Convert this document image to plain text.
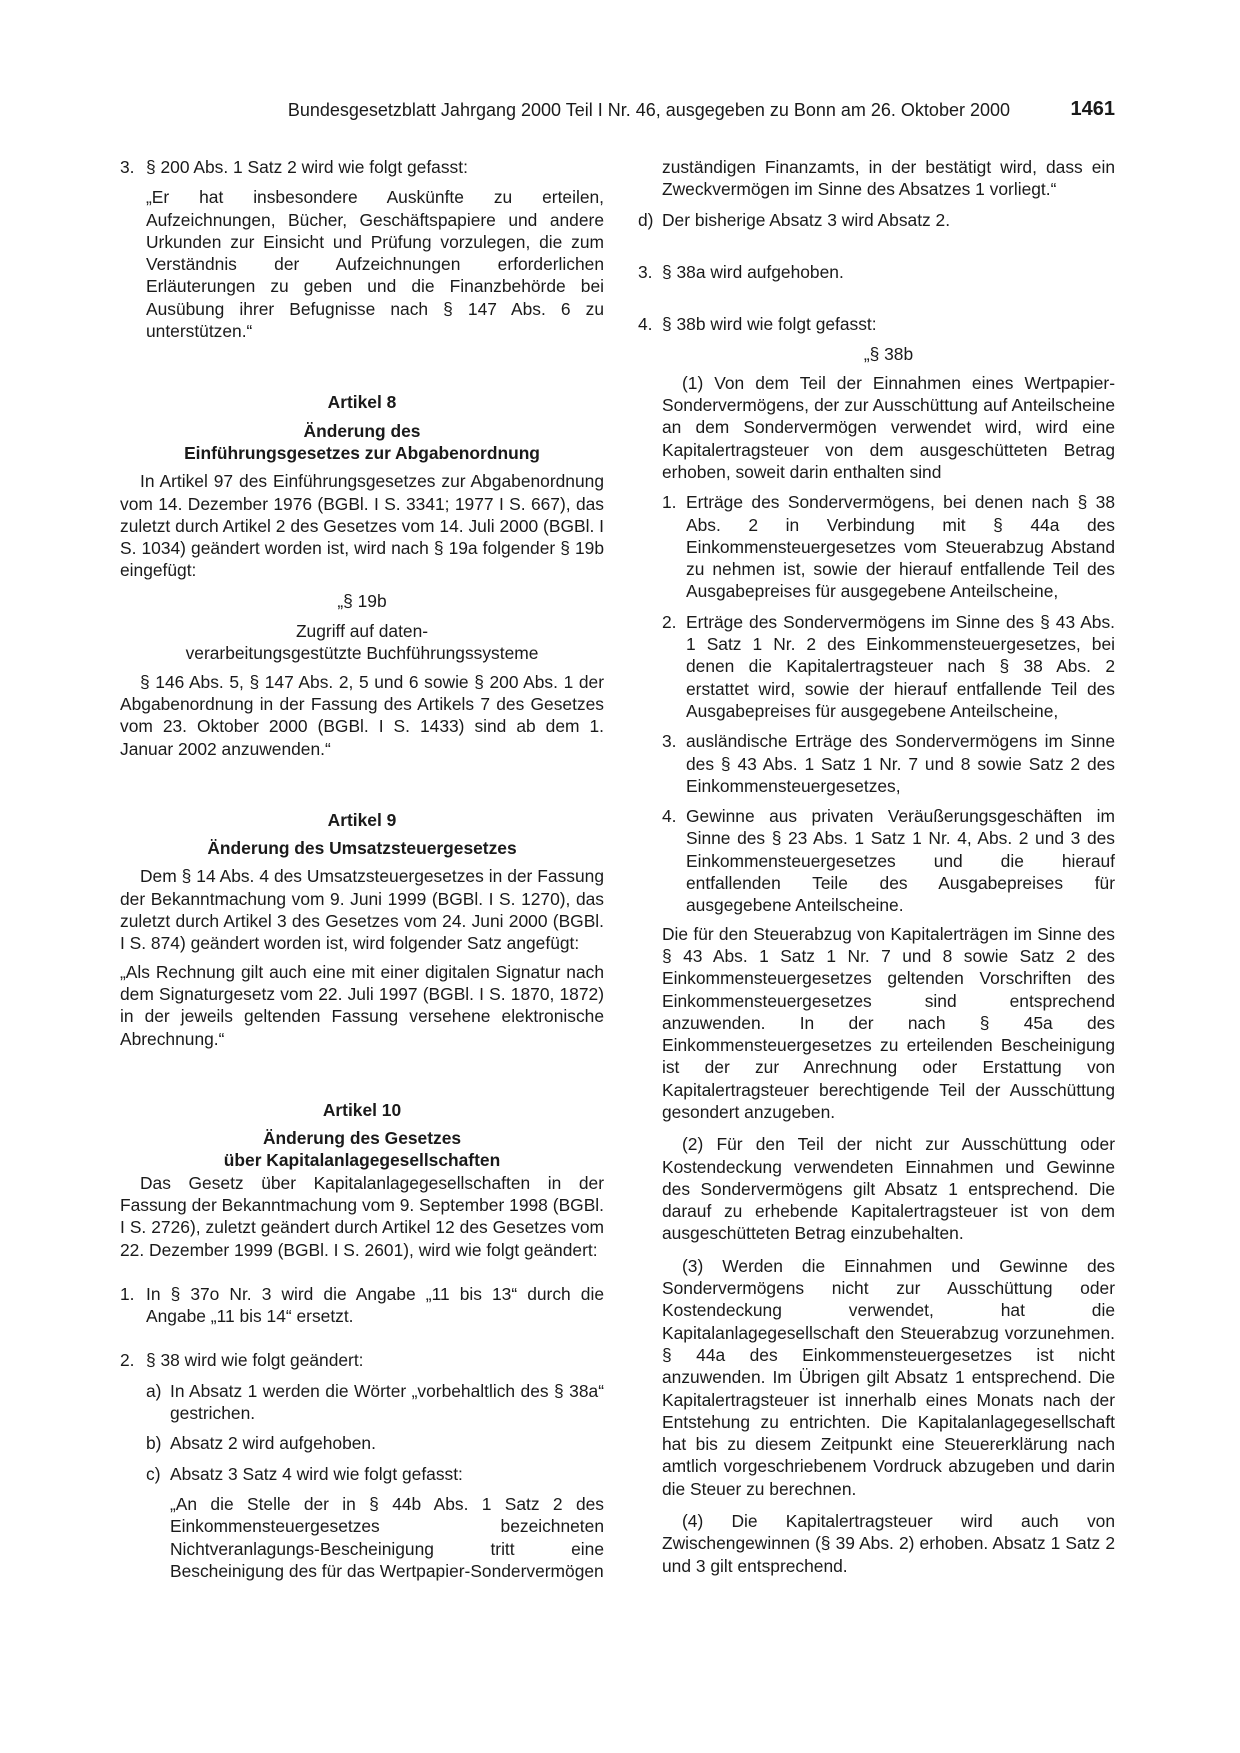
Bundesgesetzblatt Jahrgang 2000 Teil I Nr. 46, ausgegeben zu Bonn am 26. Oktober 2000	1461
3. § 200 Abs. 1 Satz 2 wird wie folgt gefasst:

„Er hat insbesondere Auskünfte zu erteilen, Aufzeichnungen, Bücher, Geschäftspapiere und andere Urkunden zur Einsicht und Prüfung vorzulegen, die zum Verständnis der Aufzeichnungen erforderlichen Erläuterungen zu geben und die Finanzbehörde bei Ausübung ihrer Befugnisse nach § 147 Abs. 6 zu unterstützen.“

Artikel 8

Änderung des

Einführungsgesetzes zur Abgabenordnung

In Artikel 97 des Einführungsgesetzes zur Abgabenordnung vom 14. Dezember 1976 (BGBl. I S. 3341; 1977 I S. 667), das zuletzt durch Artikel 2 des Gesetzes vom 14. Juli 2000 (BGBl. I S. 1034) geändert worden ist, wird nach § 19a folgender § 19b eingefügt:

„§ 19b

Zugriff auf daten-

verarbeitungsgestützte Buchführungssysteme

§ 146 Abs. 5, § 147 Abs. 2, 5 und 6 sowie § 200 Abs. 1 der Abgabenordnung in der Fassung des Artikels 7 des Gesetzes vom 23. Oktober 2000 (BGBl. I S. 1433) sind ab dem 1. Januar 2002 anzuwenden.“

Artikel 9

Änderung des Umsatzsteuergesetzes

Dem § 14 Abs. 4 des Umsatzsteuergesetzes in der Fassung der Bekanntmachung vom 9. Juni 1999 (BGBl. I S. 1270), das zuletzt durch Artikel 3 des Gesetzes vom 24. Juni 2000 (BGBl. I S. 874) geändert worden ist, wird folgender Satz angefügt:

„Als Rechnung gilt auch eine mit einer digitalen Signatur nach dem Signaturgesetz vom 22. Juli 1997 (BGBl. I S. 1870, 1872) in der jeweils geltenden Fassung versehene elektronische Abrechnung.“

Artikel 10

Änderung des Gesetzes

über Kapitalanlagegesellschaften

Das Gesetz über Kapitalanlagegesellschaften in der Fassung der Bekanntmachung vom 9. September 1998 (BGBl. I S. 2726), zuletzt geändert durch Artikel 12 des Gesetzes vom 22. Dezember 1999 (BGBl. I S. 2601), wird wie folgt geändert:

1. In § 37o Nr. 3 wird die Angabe „11 bis 13“ durch die Angabe „11 bis 14“ ersetzt.
2. § 38 wird wie folgt geändert:
a) In Absatz 1 werden die Wörter „vorbehaltlich des § 38a“ gestrichen.
b) Absatz 2 wird aufgehoben.
c) Absatz 3 Satz 4 wird wie folgt gefasst:

„An die Stelle der in § 44b Abs. 1 Satz 2 des Einkommensteuergesetzes bezeichneten Nichtveranlagungs-Bescheinigung tritt eine Bescheinigung des für das Wertpapier-Sondervermögen

zuständigen Finanzamts, in der bestätigt wird, dass ein Zweckvermögen im Sinne des Absatzes 1 vorliegt.“

d) Der bisherige Absatz 3 wird Absatz 2.
3. § 38a wird aufgehoben.
4. § 38b wird wie folgt gefasst:

„§ 38b

(1) Von dem Teil der Einnahmen eines Wertpapier-Sondervermögens, der zur Ausschüttung auf Anteilscheine an dem Sondervermögen verwendet wird, wird eine Kapitalertragsteuer von dem ausgeschütteten Betrag erhoben, soweit darin enthalten sind

1. Erträge des Sondervermögens, bei denen nach § 38 Abs. 2 in Verbindung mit § 44a des Einkommensteuergesetzes vom Steuerabzug Abstand zu nehmen ist, sowie der hierauf entfallende Teil des Ausgabepreises für ausgegebene Anteilscheine,
2. Erträge des Sondervermögens im Sinne des § 43 Abs. 1 Satz 1 Nr. 2 des Einkommensteuergesetzes, bei denen die Kapitalertragsteuer nach § 38 Abs. 2 erstattet wird, sowie der hierauf entfallende Teil des Ausgabepreises für ausgegebene Anteilscheine,
3. ausländische Erträge des Sondervermögens im Sinne des § 43 Abs. 1 Satz 1 Nr. 7 und 8 sowie Satz 2 des Einkommensteuergesetzes,
4. Gewinne aus privaten Veräußerungsgeschäften im Sinne des § 23 Abs. 1 Satz 1 Nr. 4, Abs. 2 und 3 des Einkommensteuergesetzes und die hierauf entfallenden Teile des Ausgabepreises für ausgegebene Anteilscheine.

Die für den Steuerabzug von Kapitalerträgen im Sinne des § 43 Abs. 1 Satz 1 Nr. 7 und 8 sowie Satz 2 des Einkommensteuergesetzes geltenden Vorschriften des Einkommensteuergesetzes sind entsprechend anzuwenden. In der nach § 45a des Einkommensteuergesetzes zu erteilenden Bescheinigung ist der zur Anrechnung oder Erstattung von Kapitalertragsteuer berechtigende Teil der Ausschüttung gesondert anzugeben.

(2) Für den Teil der nicht zur Ausschüttung oder Kostendeckung verwendeten Einnahmen und Gewinne des Sondervermögens gilt Absatz 1 entsprechend. Die darauf zu erhebende Kapitalertragsteuer ist von dem ausgeschütteten Betrag einzubehalten.

(3) Werden die Einnahmen und Gewinne des Sondervermögens nicht zur Ausschüttung oder Kostendeckung verwendet, hat die Kapitalanlagegesellschaft den Steuerabzug vorzunehmen. § 44a des Einkommensteuergesetzes ist nicht anzuwenden. Im Übrigen gilt Absatz 1 entsprechend. Die Kapitalertragsteuer ist innerhalb eines Monats nach der Entstehung zu entrichten. Die Kapitalanlagegesellschaft hat bis zu diesem Zeitpunkt eine Steuererklärung nach amtlich vorgeschriebenem Vordruck abzugeben und darin die Steuer zu berechnen.

(4) Die Kapitalertragsteuer wird auch von Zwischengewinnen (§ 39 Abs. 2) erhoben. Absatz 1 Satz 2 und 3 gilt entsprechend.
